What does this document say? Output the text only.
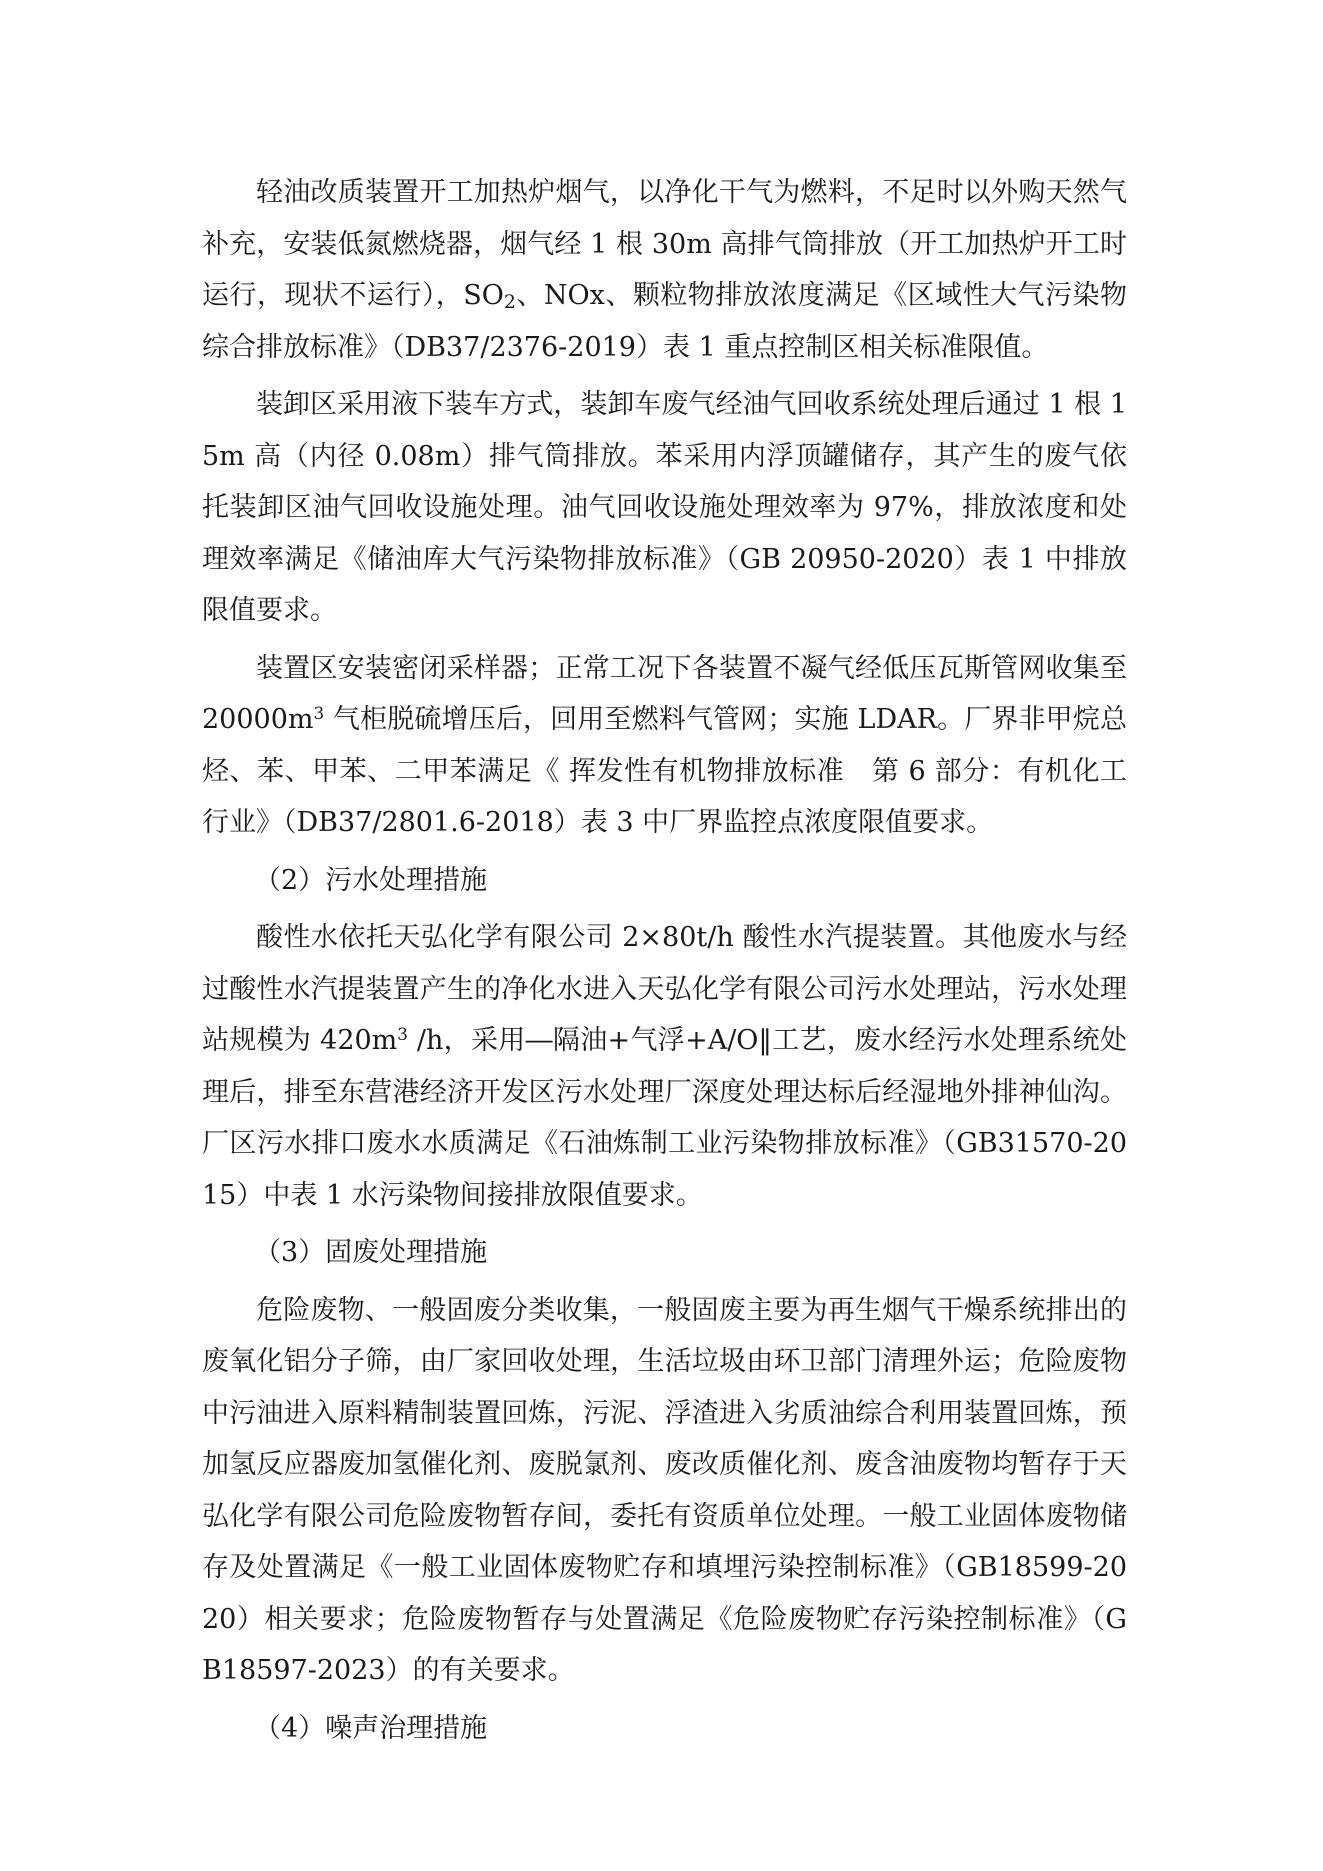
轻油改质装置开工加热炉烟气，以净化干气为燃料，不足时以外购天然气补充，安装低氮燃烧器，烟气经 1 根 30m 高排气筒排放（开工加热炉开工时运行，现状不运行），$SO_2$、NOx、颗粒物排放浓度满足《区域性大气污染物综合排放标准》（DB37/2376-2019）表 1 重点控制区相关标准限值。

装卸区采用液下装车方式，装卸车废气经油气回收系统处理后通过 1 根 15m 高（内径 0.08m）排气筒排放。苯采用内浮顶罐储存，其产生的废气依托装卸区油气回收设施处理。油气回收设施处理效率为 97%，排放浓度和处理效率满足《储油库大气污染物排放标准》（GB 20950-2020）表 1 中排放限值要求。

装置区安装密闭采样器；正常工况下各装置不凝气经低压瓦斯管网收集至 $20000m^3$ 气柜脱硫增压后，回用至燃料气管网；实施 LDAR。厂界非甲烷总烃、苯、甲苯、二甲苯满足《 挥发性有机物排放标准　第 6 部分：有机化工行业》（DB37/2801.6-2018）表 3 中厂界监控点浓度限值要求。

（2）污水处理措施

酸性水依托天弘化学有限公司 2×80t/h 酸性水汽提装置。其他废水与经过酸性水汽提装置产生的净化水进入天弘化学有限公司污水处理站，污水处理站规模为 $420m^3$ /h，采用―隔油+气浮+A/O‖工艺，废水经污水处理系统处理后，排至东营港经济开发区污水处理厂深度处理达标后经湿地外排神仙沟。厂区污水排口废水水质满足《石油炼制工业污染物排放标准》（GB31570-2015）中表 1 水污染物间接排放限值要求。

（3）固废处理措施

危险废物、一般固废分类收集，一般固废主要为再生烟气干燥系统排出的废氧化铝分子筛，由厂家回收处理，生活垃圾由环卫部门清理外运；危险废物中污油进入原料精制装置回炼，污泥、浮渣进入劣质油综合利用装置回炼，预加氢反应器废加氢催化剂、废脱氯剂、废改质催化剂、废含油废物均暂存于天弘化学有限公司危险废物暂存间，委托有资质单位处理。一般工业固体废物储存及处置满足《一般工业固体废物贮存和填埋污染控制标准》（GB18599-2020）相关要求；危险废物暂存与处置满足《危险废物贮存污染控制标准》（GB18597-2023）的有关要求。

（4）噪声治理措施
